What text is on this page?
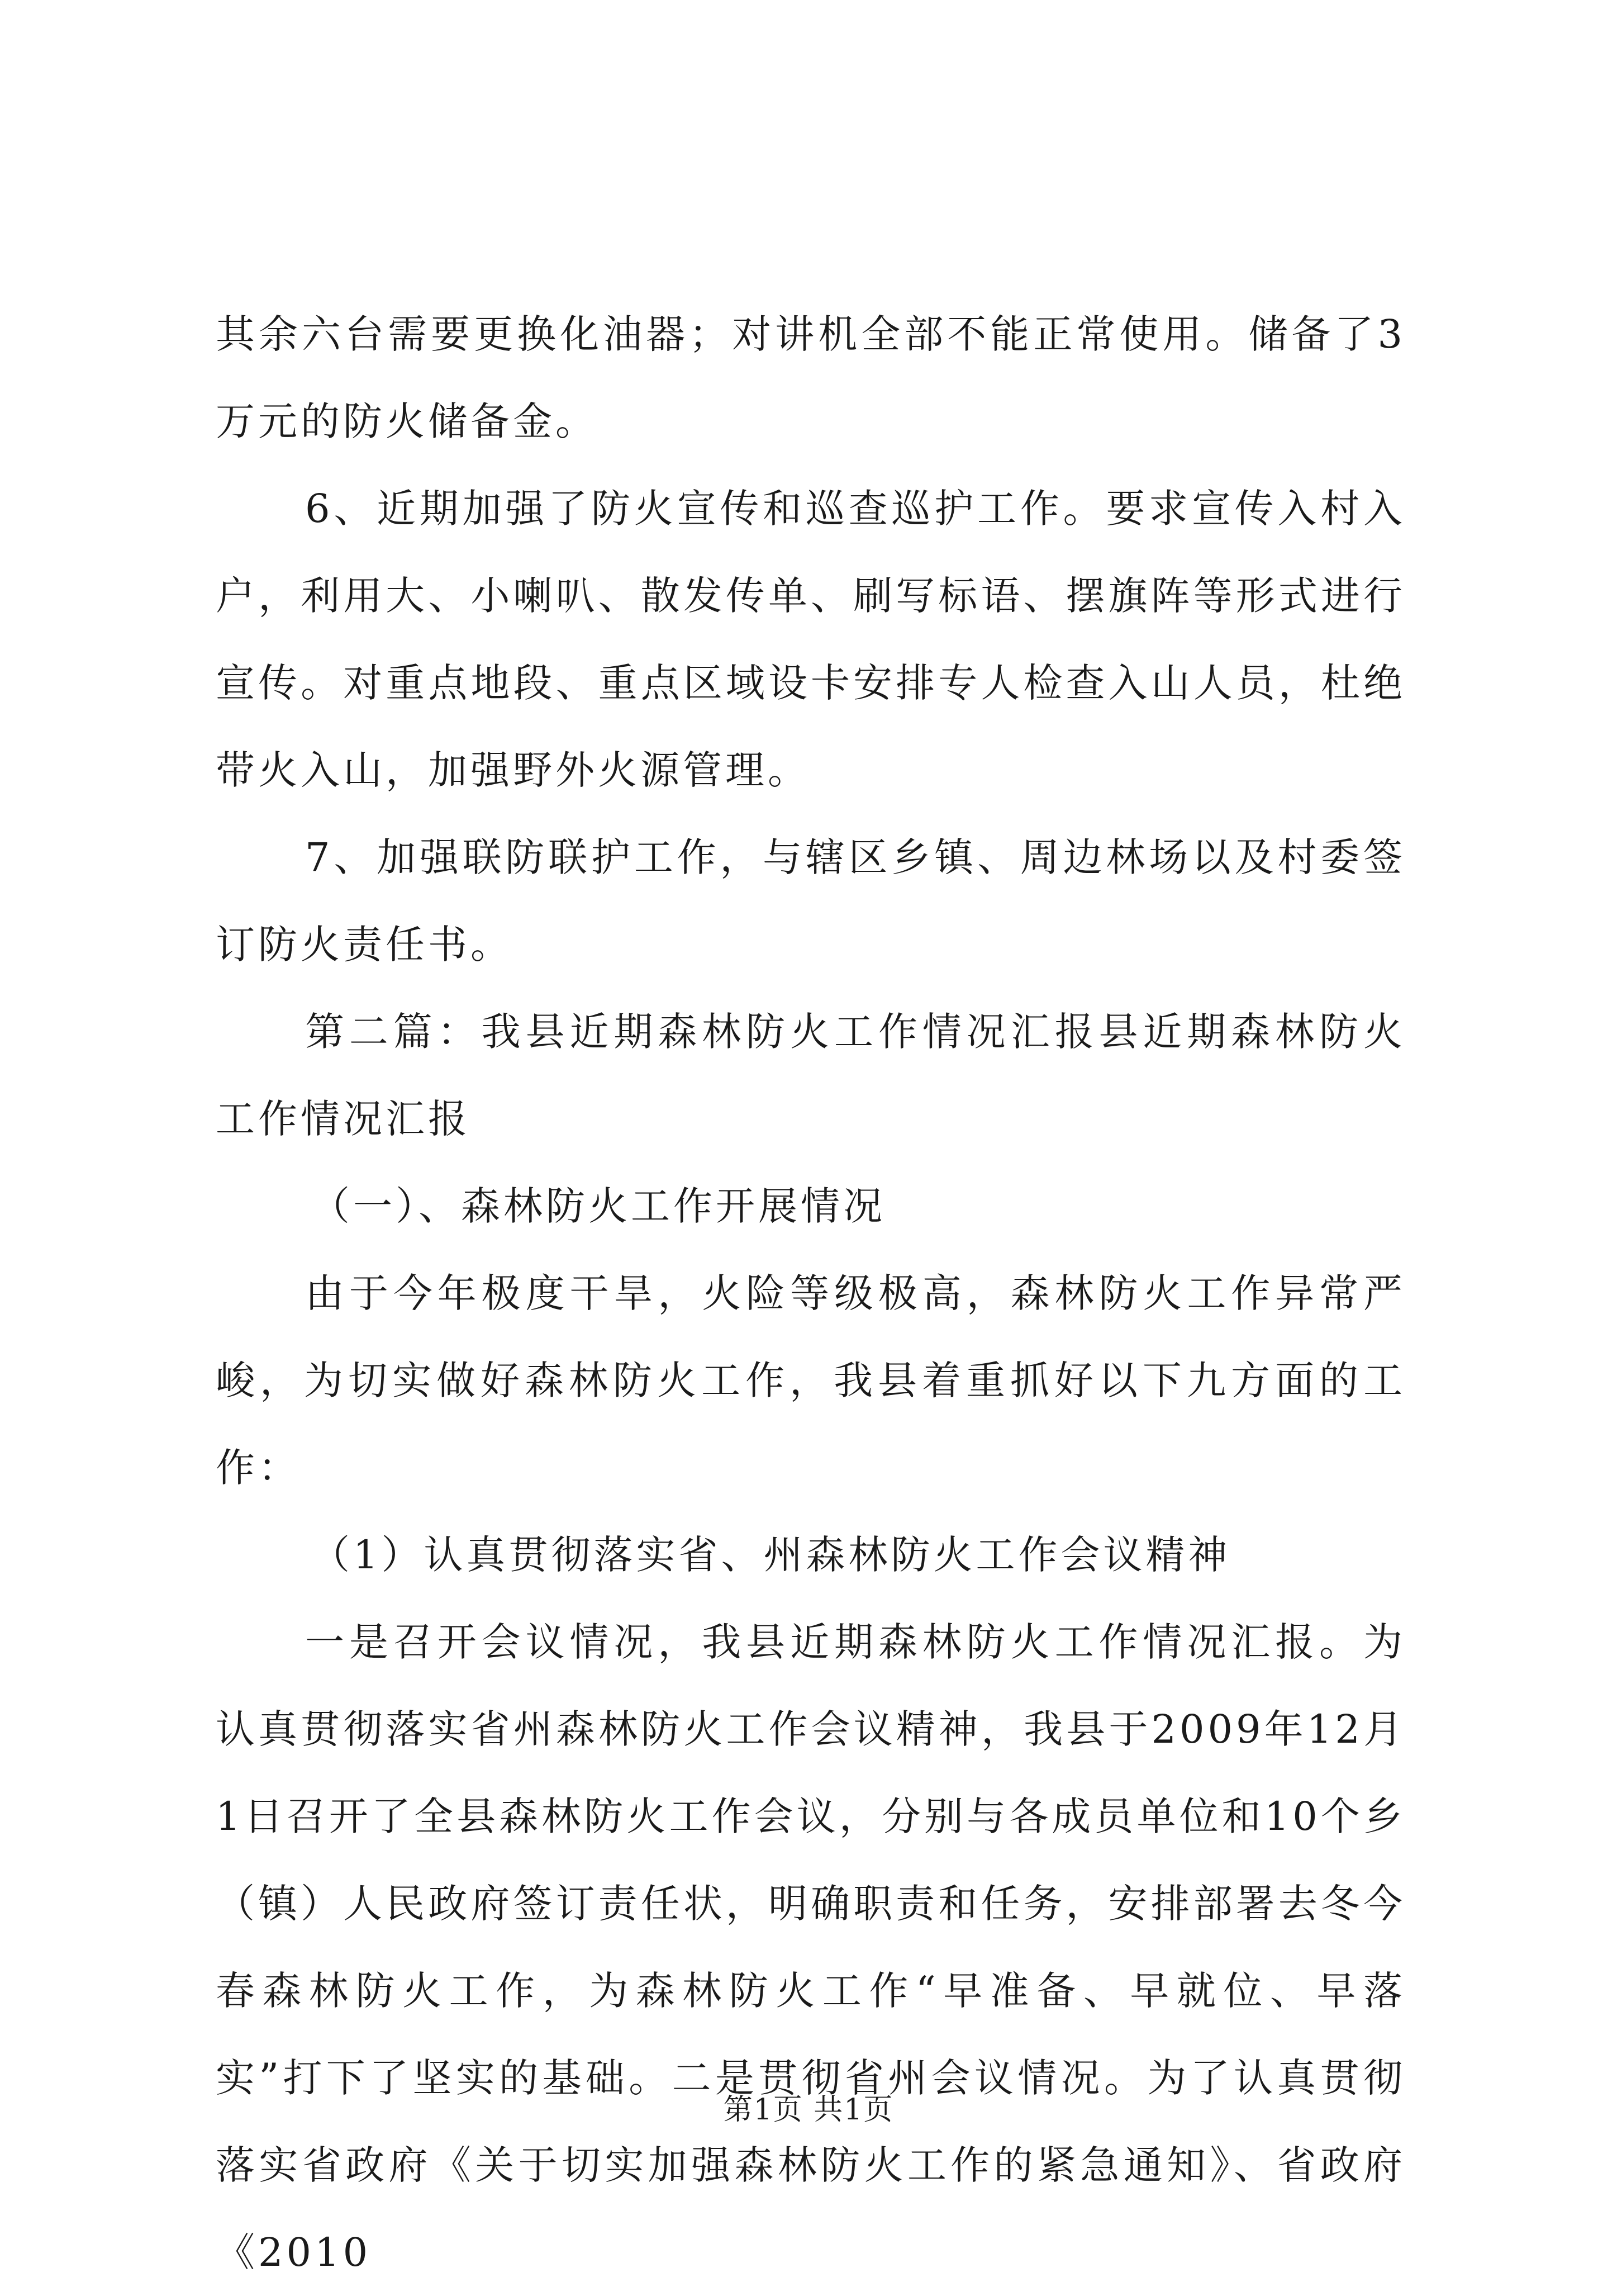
其余六台需要更换化油器；对讲机全部不能正常使用。储备了3万元的防火储备金。

6、近期加强了防火宣传和巡查巡护工作。要求宣传入村入户，利用大、小喇叭、散发传单、刷写标语、摆旗阵等形式进行宣传。对重点地段、重点区域设卡安排专人检查入山人员，杜绝带火入山，加强野外火源管理。

7、加强联防联护工作，与辖区乡镇、周边林场以及村委签订防火责任书。

第二篇：我县近期森林防火工作情况汇报县近期森林防火工作情况汇报

（一）、森林防火工作开展情况

由于今年极度干旱，火险等级极高，森林防火工作异常严峻，为切实做好森林防火工作，我县着重抓好以下九方面的工作：

（1）认真贯彻落实省、州森林防火工作会议精神

一是召开会议情况，我县近期森林防火工作情况汇报。为认真贯彻落实省州森林防火工作会议精神，我县于2009年12月1日召开了全县森林防火工作会议，分别与各成员单位和10个乡（镇）人民政府签订责任状，明确职责和任务，安排部署去冬今春森林防火工作，为森林防火工作“早准备、早就位、早落实”打下了坚实的基础。二是贯彻省州会议情况。为了认真贯彻落实省政府《关于切实加强森林防火工作的紧急通知》、省政府《2010

第1页 共1页
